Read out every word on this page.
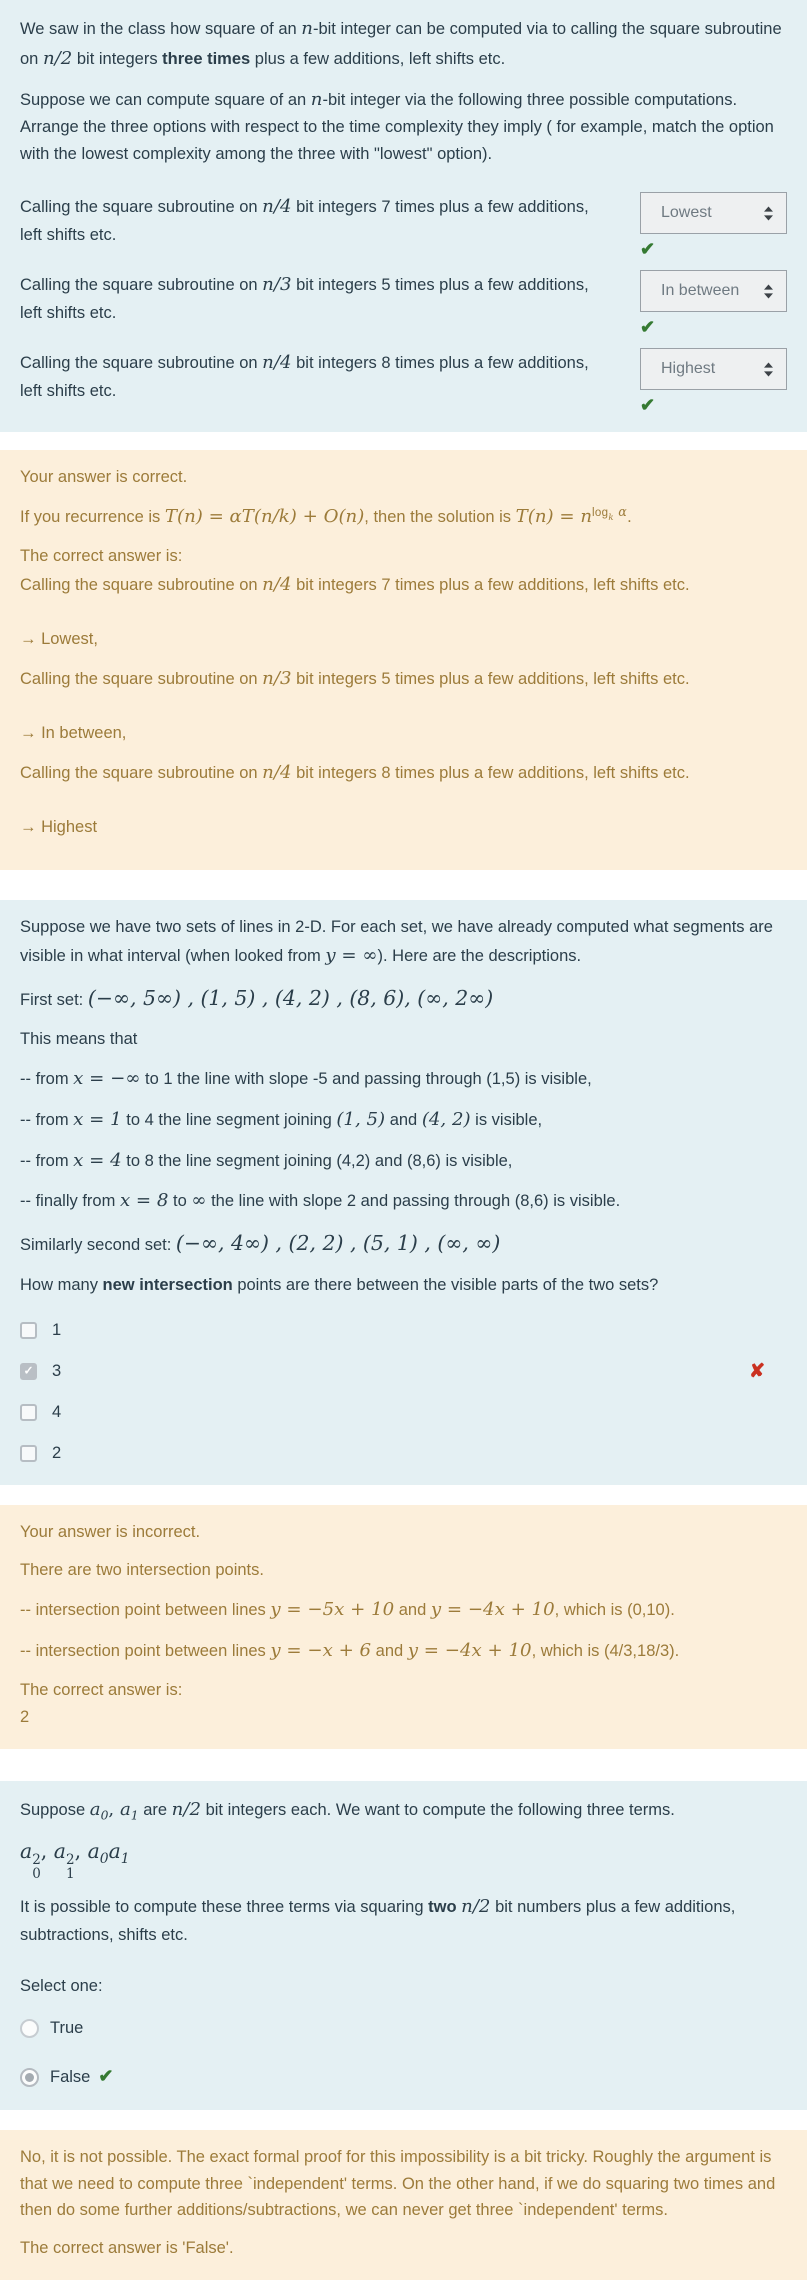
We saw in the class how square of an n-bit integer can be computed via to calling the square subroutine on n/2 bit integers three times plus a few additions, left shifts etc.

Suppose we can compute square of an n-bit integer via the following three possible computations. Arrange the three options with respect to the time complexity they imply ( for example, match the option with the lowest complexity among the three with "lowest" option).

Calling the square subroutine on n/4 bit integers 7 times plus a few additions, left shifts etc.

Lowest
✔

Calling the square subroutine on n/3 bit integers 5 times plus a few additions, left shifts etc.

In between
✔

Calling the square subroutine on n/4 bit integers 8 times plus a few additions, left shifts etc.

Highest
✔

Your answer is correct.

If you recurrence is T(n) = αT(n/k) + O(n), then the solution is $T(n) = n^{log_k \alpha}$.

The correct answer is:

Calling the square subroutine on n/4 bit integers 7 times plus a few additions, left shifts etc.

→ Lowest,

Calling the square subroutine on n/3 bit integers 5 times plus a few additions, left shifts etc.

→ In between,

Calling the square subroutine on n/4 bit integers 8 times plus a few additions, left shifts etc.

→ Highest

Suppose we have two sets of lines in 2-D. For each set, we have already computed what segments are visible in what interval (when looked from y = ∞). Here are the descriptions.

First set: (−∞, 5∞) , (1, 5) , (4, 2) , (8, 6), (∞, 2∞)

This means that

-- from x = −∞ to 1 the line with slope -5 and passing through (1,5) is visible,

-- from x = 1 to 4 the line segment joining (1, 5) and (4, 2) is visible,

-- from x = 4 to 8 the line segment joining (4,2) and (8,6) is visible,

-- finally from x = 8 to ∞ the line with slope 2 and passing through (8,6) is visible.

Similarly second set: (−∞, 4∞) , (2, 2) , (5, 1) , (∞, ∞)

How many new intersection points are there between the visible parts of the two sets?

1
✓ 3	✘
4
2

Your answer is incorrect.

There are two intersection points.

-- intersection point between lines y = −5x + 10 and y = −4x + 10, which is (0,10).

-- intersection point between lines y = −x + 6 and y = −4x + 10, which is (4/3,18/3).

The correct answer is:

2

Suppose $a_0$, $a_1$ are n/2 bit integers each. We want to compute the following three terms.

a 2
0
, a 2
1
, $a_0a_1$

It is possible to compute these three terms via squaring two n/2 bit numbers plus a few additions, subtractions, shifts etc.

Select one:

True
False ✔

No, it is not possible. The exact formal proof for this impossibility is a bit tricky. Roughly the argument is that we need to compute three `independent' terms. On the other hand, if we do squaring two times and then do some further additions/subtractions, we can never get three `independent' terms.

The correct answer is 'False'.
